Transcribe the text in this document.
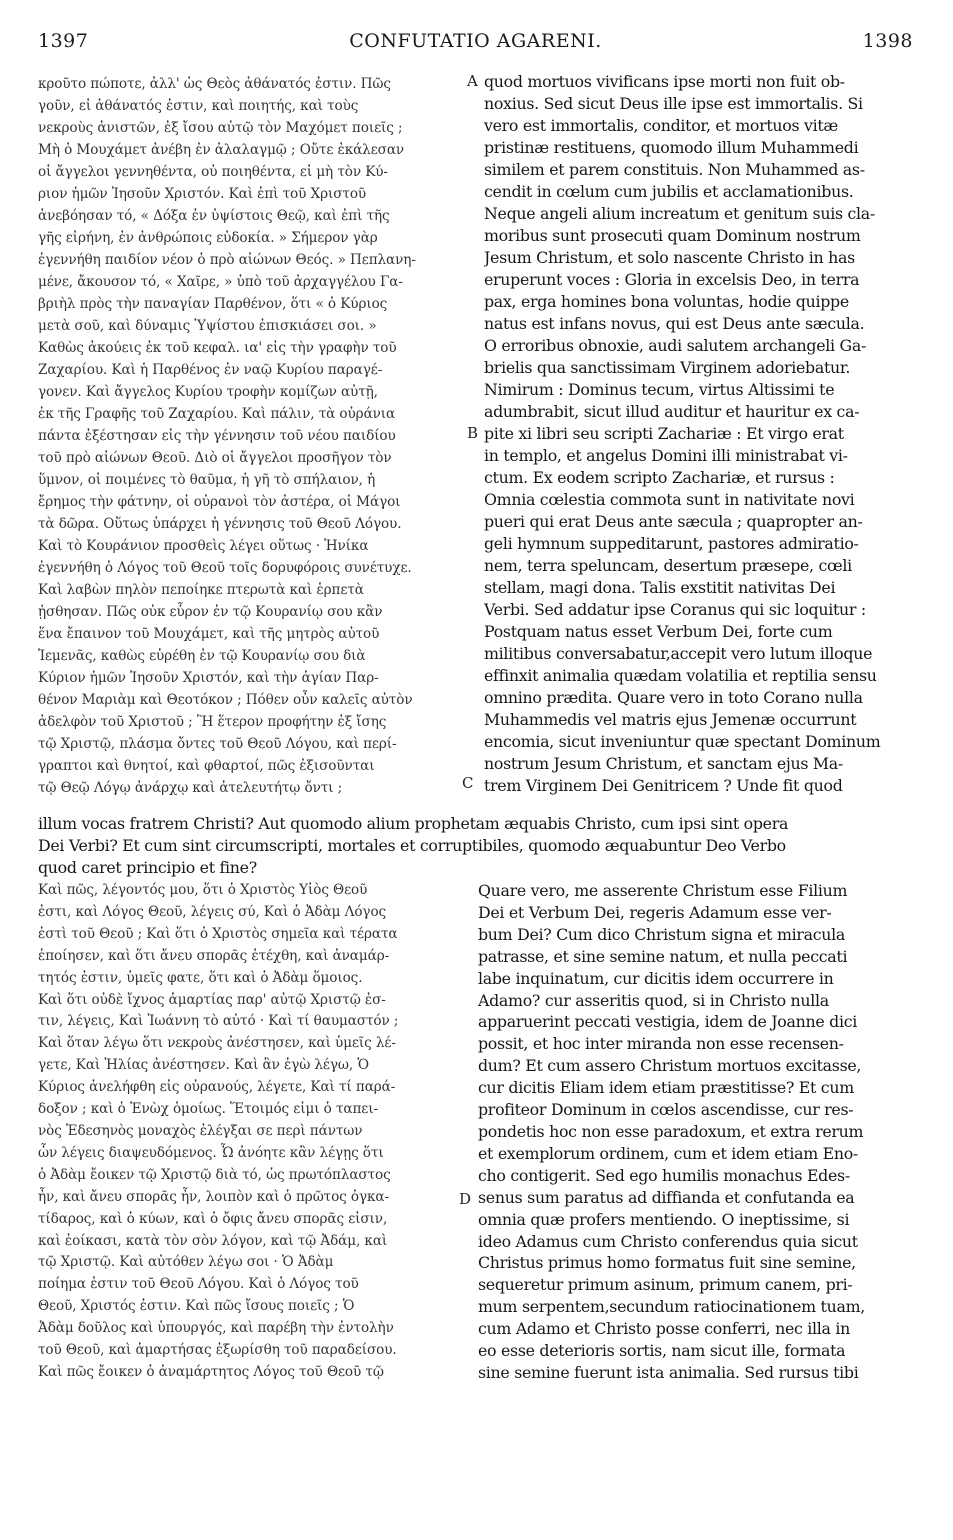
1397	CONFUTATIO AGARENI.	1398
κροῦτο πώποτε, ἀλλ' ὡς Θεὸς ἀθάνατός ἐστιν. Πῶς
γοῦν, εἰ ἀθάνατός ἐστιν, καὶ ποιητής, καὶ τοὺς
νεκροὺς ἀνιστῶν, ἐξ ἴσου αὐτῷ τὸν Μαχόμετ ποιεῖς ;
Μὴ ὁ Μουχάμετ ἀνέβη ἐν ἀλαλαγμῷ ; Οὔτε ἐκάλεσαν
οἱ ἄγγελοι γεννηθέντα, οὐ ποιηθέντα, εἰ μὴ τὸν Κύ-
ριον ἡμῶν Ἰησοῦν Χριστόν. Καὶ ἐπὶ τοῦ Χριστοῦ
ἀνεβόησαν τό, « Δόξα ἐν ὑψίστοις Θεῷ, καὶ ἐπὶ τῆς
γῆς εἰρήνη, ἐν ἀνθρώποις εὐδοκία. » Σήμερον γὰρ
ἐγεννήθη παιδίον νέον ὁ πρὸ αἰώνων Θεός. » Πεπλανη-
μένε, ἄκουσον τό, « Χαῖρε, » ὑπὸ τοῦ ἀρχαγγέλου Γα-
βριὴλ πρὸς τὴν παναγίαν Παρθένον, ὅτι « ὁ Κύριος
μετὰ σοῦ, καὶ δύναμις Ὑψίστου ἐπισκιάσει σοι. »
Καθὼς ἀκούεις ἐκ τοῦ κεφαλ. ια' εἰς τὴν γραφὴν τοῦ
Ζαχαρίου. Καὶ ἡ Παρθένος ἐν ναῷ Κυρίου παραγέ-
γονεν. Καὶ ἄγγελος Κυρίου τροφὴν κομίζων αὐτῇ,
ἐκ τῆς Γραφῆς τοῦ Ζαχαρίου. Καὶ πάλιν, τὰ οὐράνια
πάντα ἐξέστησαν εἰς τὴν γέννησιν τοῦ νέου παιδίου
τοῦ πρὸ αἰώνων Θεοῦ. Διὸ οἱ ἄγγελοι προσῆγον τὸν
ὕμνον, οἱ ποιμένες τὸ θαῦμα, ἡ γῆ τὸ σπήλαιον, ἡ
ἔρημος τὴν φάτνην, οἱ οὐρανοὶ τὸν ἀστέρα, οἱ Μάγοι
τὰ δῶρα. Οὕτως ὑπάρχει ἡ γέννησις τοῦ Θεοῦ Λόγου.
Καὶ τὸ Κουράνιον προσθεὶς λέγει οὕτως · Ἡνίκα
ἐγεννήθη ὁ Λόγος τοῦ Θεοῦ τοῖς δορυφόροις συνέτυχε.
Καὶ λαβὼν πηλὸν πεποίηκε πτερωτὰ καὶ ἑρπετὰ
ᾐσθησαν. Πῶς οὐκ εὗρον ἐν τῷ Κουρανίῳ σου κἂν
ἕνα ἔπαινον τοῦ Μουχάμετ, καὶ τῆς μητρὸς αὐτοῦ
Ἰεμενᾶς, καθὼς εὑρέθη ἐν τῷ Κουρανίῳ σου διὰ
Κύριον ἡμῶν Ἰησοῦν Χριστόν, καὶ τὴν ἁγίαν Παρ-
θένον Μαριὰμ καὶ Θεοτόκον ; Πόθεν οὖν καλεῖς αὐτὸν
ἀδελφὸν τοῦ Χριστοῦ ; Ἢ ἕτερον προφήτην ἐξ ἴσης
τῷ Χριστῷ, πλάσμα ὄντες τοῦ Θεοῦ Λόγου, καὶ περί-
γραπτοι καὶ θνητοί, καὶ φθαρτοί, πῶς ἐξισοῦνται
τῷ Θεῷ Λόγῳ ἀνάρχῳ καὶ ἀτελευτήτῳ ὄντι ;
quod mortuos vivificans ipse morti non fuit ob-
noxius. Sed sicut Deus ille ipse est immortalis. Si
vero est immortalis, conditor, et mortuos vitæ
pristinæ restituens, quomodo illum Muhammedi
similem et parem constituis. Non Muhammed as-
cendit in cœlum cum jubilis et acclamationibus.
Neque angeli alium increatum et genitum suis cla-
moribus sunt prosecuti quam Dominum nostrum
Jesum Christum, et solo nascente Christo in has
eruperunt voces : Gloria in excelsis Deo, in terra
pax, erga homines bona voluntas, hodie quippe
natus est infans novus, qui est Deus ante sæcula.
O erroribus obnoxie, audi salutem archangeli Ga-
brielis qua sanctissimam Virginem adoriebatur.
Nimirum : Dominus tecum, virtus Altissimi te
adumbrabit, sicut illud auditur et hauritur ex ca-
pite xi libri seu scripti Zachariæ : Et virgo erat
in templo, et angelus Domini illi ministrabat vi-
ctum. Ex eodem scripto Zachariæ, et rursus :
Omnia cœlestia commota sunt in nativitate novi
pueri qui erat Deus ante sæcula ; quapropter an-
geli hymnum suppeditarunt, pastores admiratio-
nem, terra speluncam, desertum præsepe, cœli
stellam, magi dona. Talis exstitit nativitas Dei
Verbi. Sed addatur ipse Coranus qui sic loquitur :
Postquam natus esset Verbum Dei, forte cum
militibus conversabatur,accepit vero lutum illoque
effinxit animalia quædam volatilia et reptilia sensu
omnino prædita. Quare vero in toto Corano nulla
Muhammedis vel matris ejus Jemenæ occurrunt
encomia, sicut inveniuntur quæ spectant Dominum
nostrum Jesum Christum, et sanctam ejus Ma-
trem Virginem Dei Genitricem ? Unde fit quod
illum vocas fratrem Christi? Aut quomodo alium prophetam æquabis Christo, cum ipsi sint opera
Dei Verbi? Et cum sint circumscripti, mortales et corruptibiles, quomodo æquabuntur Deo Verbo
quod caret principio et fine?
Καὶ πῶς, λέγοντός μου, ὅτι ὁ Χριστὸς Υἱὸς Θεοῦ
ἐστι, καὶ Λόγος Θεοῦ, λέγεις σύ, Καὶ ὁ Ἀδὰμ Λόγος
ἐστὶ τοῦ Θεοῦ ; Καὶ ὅτι ὁ Χριστὸς σημεῖα καὶ τέρατα
ἐποίησεν, καὶ ὅτι ἄνευ σπορᾶς ἐτέχθη, καὶ ἀναμάρ-
τητός ἐστιν, ὑμεῖς φατε, ὅτι καὶ ὁ Ἀδὰμ ὅμοιος.
Καὶ ὅτι οὐδὲ ἴχνος ἁμαρτίας παρ' αὐτῷ Χριστῷ ἐσ-
τιν, λέγεις, Καὶ Ἰωάννη τὸ αὐτό · Καὶ τί θαυμαστόν ;
Καὶ ὅταν λέγω ὅτι νεκροὺς ἀνέστησεν, καὶ ὑμεῖς λέ-
γετε, Καὶ Ἠλίας ἀνέστησεν. Καὶ ἂν ἐγὼ λέγω, Ὁ
Κύριος ἀνελήφθη εἰς οὐρανούς, λέγετε, Καὶ τί παρά-
δοξον ; καὶ ὁ Ἐνὼχ ὁμοίως. Ἕτοιμός εἰμι ὁ ταπει-
νὸς Ἐδεσηνὸς μοναχὸς ἐλέγξαι σε περὶ πάντων
ὧν λέγεις διαψευδόμενος. Ὦ ἀνόητε κἂν λέγῃς ὅτι
ὁ Ἀδὰμ ἔοικεν τῷ Χριστῷ διὰ τό, ὡς πρωτόπλαστος
ἦν, καὶ ἄνευ σπορᾶς ἦν, λοιπὸν καὶ ὁ πρῶτος ὀγκα-
τίδαρος, καὶ ὁ κύων, καὶ ὁ ὄφις ἄνευ σπορᾶς εἰσιν,
καὶ ἐοίκασι, κατὰ τὸν σὸν λόγον, καὶ τῷ Ἀδάμ, καὶ
τῷ Χριστῷ. Καὶ αὐτόθεν λέγω σοι · Ὁ Ἀδὰμ
ποίημα ἐστιν τοῦ Θεοῦ Λόγου. Καὶ ὁ Λόγος τοῦ
Θεοῦ, Χριστός ἐστιν. Καὶ πῶς ἴσους ποιεῖς ; Ὁ
Ἀδὰμ δοῦλος καὶ ὑπουργός, καὶ παρέβη τὴν ἐντολὴν
τοῦ Θεοῦ, καὶ ἁμαρτήσας ἐξωρίσθη τοῦ παραδείσου.
Καὶ πῶς ἔοικεν ὁ ἀναμάρτητος Λόγος τοῦ Θεοῦ τῷ
Quare vero, me asserente Christum esse Filium
Dei et Verbum Dei, regeris Adamum esse ver-
bum Dei? Cum dico Christum signa et miracula
patrasse, et sine semine natum, et nulla peccati
labe inquinatum, cur dicitis idem occurrere in
Adamo? cur asseritis quod, si in Christo nulla
apparuerint peccati vestigia, idem de Joanne dici
possit, et hoc inter miranda non esse recensen-
dum? Et cum assero Christum mortuos excitasse,
cur dicitis Eliam idem etiam præstitisse? Et cum
profiteor Dominum in cœlos ascendisse, cur res-
pondetis hoc non esse paradoxum, et extra rerum
et exemplorum ordinem, cum et idem etiam Eno-
cho contigerit. Sed ego humilis monachus Edes-
senus sum paratus ad diffianda et confutanda ea
omnia quæ profers mentiendo. O ineptissime, si
ideo Adamus cum Christo conferendus quia sicut
Christus primus homo formatus fuit sine semine,
sequeretur primum asinum, primum canem, pri-
mum serpentem,secundum ratiocinationem tuam,
cum Adamo et Christo posse conferri, nec illa in
eo esse deterioris sortis, nam sicut ille, formata
sine semine fuerunt ista animalia. Sed rursus tibi
A
B
C
D
